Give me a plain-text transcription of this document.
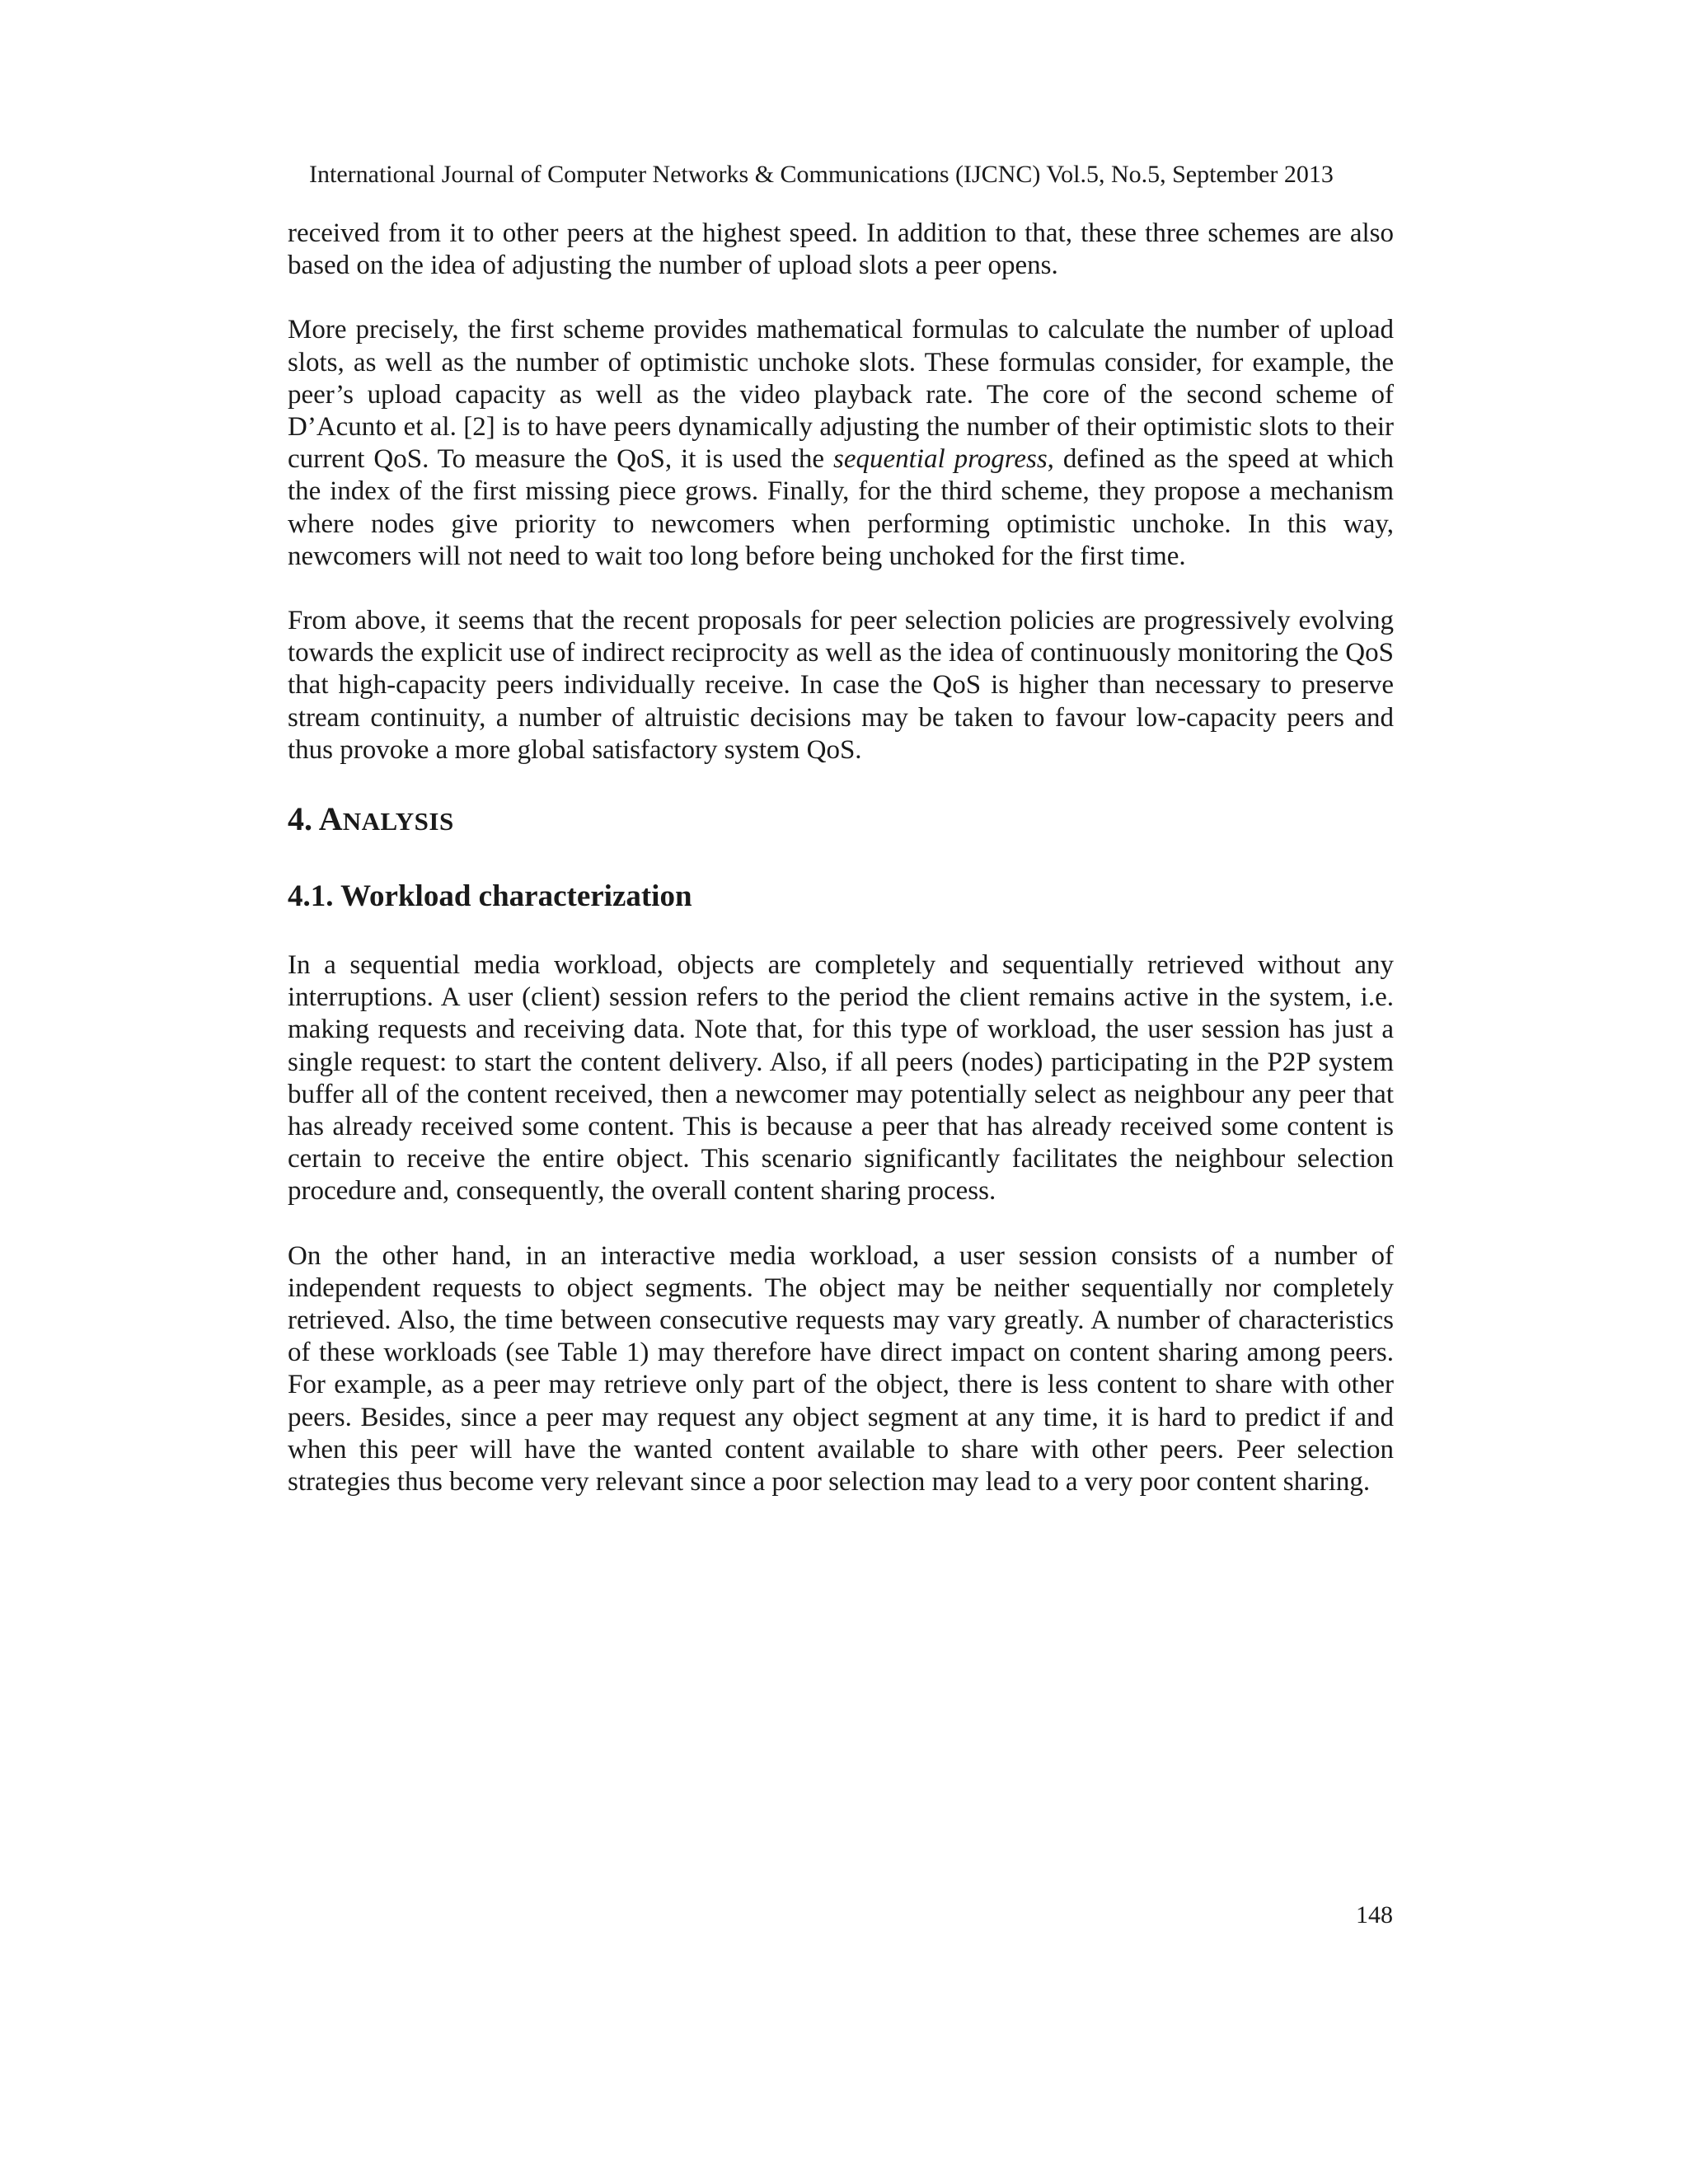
International Journal of Computer Networks & Communications (IJCNC) Vol.5, No.5, September 2013

received from it to other peers at the highest speed. In addition to that, these three schemes are also based on the idea of adjusting the number of upload slots a peer opens.

More precisely, the first scheme provides mathematical formulas to calculate the number of upload slots, as well as the number of optimistic unchoke slots. These formulas consider, for example, the peer’s upload capacity as well as the video playback rate. The core of the second scheme of D’Acunto et al. [2] is to have peers dynamically adjusting the number of their optimistic slots to their current QoS. To measure the QoS, it is used the sequential progress, defined as the speed at which the index of the first missing piece grows. Finally, for the third scheme, they propose a mechanism where nodes give priority to newcomers when performing optimistic unchoke. In this way, newcomers will not need to wait too long before being unchoked for the first time.

From above, it seems that the recent proposals for peer selection policies are progressively evolving towards the explicit use of indirect reciprocity as well as the idea of continuously monitoring the QoS that high-capacity peers individually receive. In case the QoS is higher than necessary to preserve stream continuity, a number of altruistic decisions may be taken to favour low-capacity peers and thus provoke a more global satisfactory system QoS.

4. ANALYSIS
4.1. Workload characterization

In a sequential media workload, objects are completely and sequentially retrieved without any interruptions. A user (client) session refers to the period the client remains active in the system, i.e. making requests and receiving data. Note that, for this type of workload, the user session has just a single request: to start the content delivery. Also, if all peers (nodes) participating in the P2P system buffer all of the content received, then a newcomer may potentially select as neighbour any peer that has already received some content. This is because a peer that has already received some content is certain to receive the entire object. This scenario significantly facilitates the neighbour selection procedure and, consequently, the overall content sharing process.

On the other hand, in an interactive media workload, a user session consists of a number of independent requests to object segments. The object may be neither sequentially nor completely retrieved. Also, the time between consecutive requests may vary greatly. A number of characteristics of these workloads (see Table 1) may therefore have direct impact on content sharing among peers. For example, as a peer may retrieve only part of the object, there is less content to share with other peers. Besides, since a peer may request any object segment at any time, it is hard to predict if and when this peer will have the wanted content available to share with other peers. Peer selection strategies thus become very relevant since a poor selection may lead to a very poor content sharing.

148
